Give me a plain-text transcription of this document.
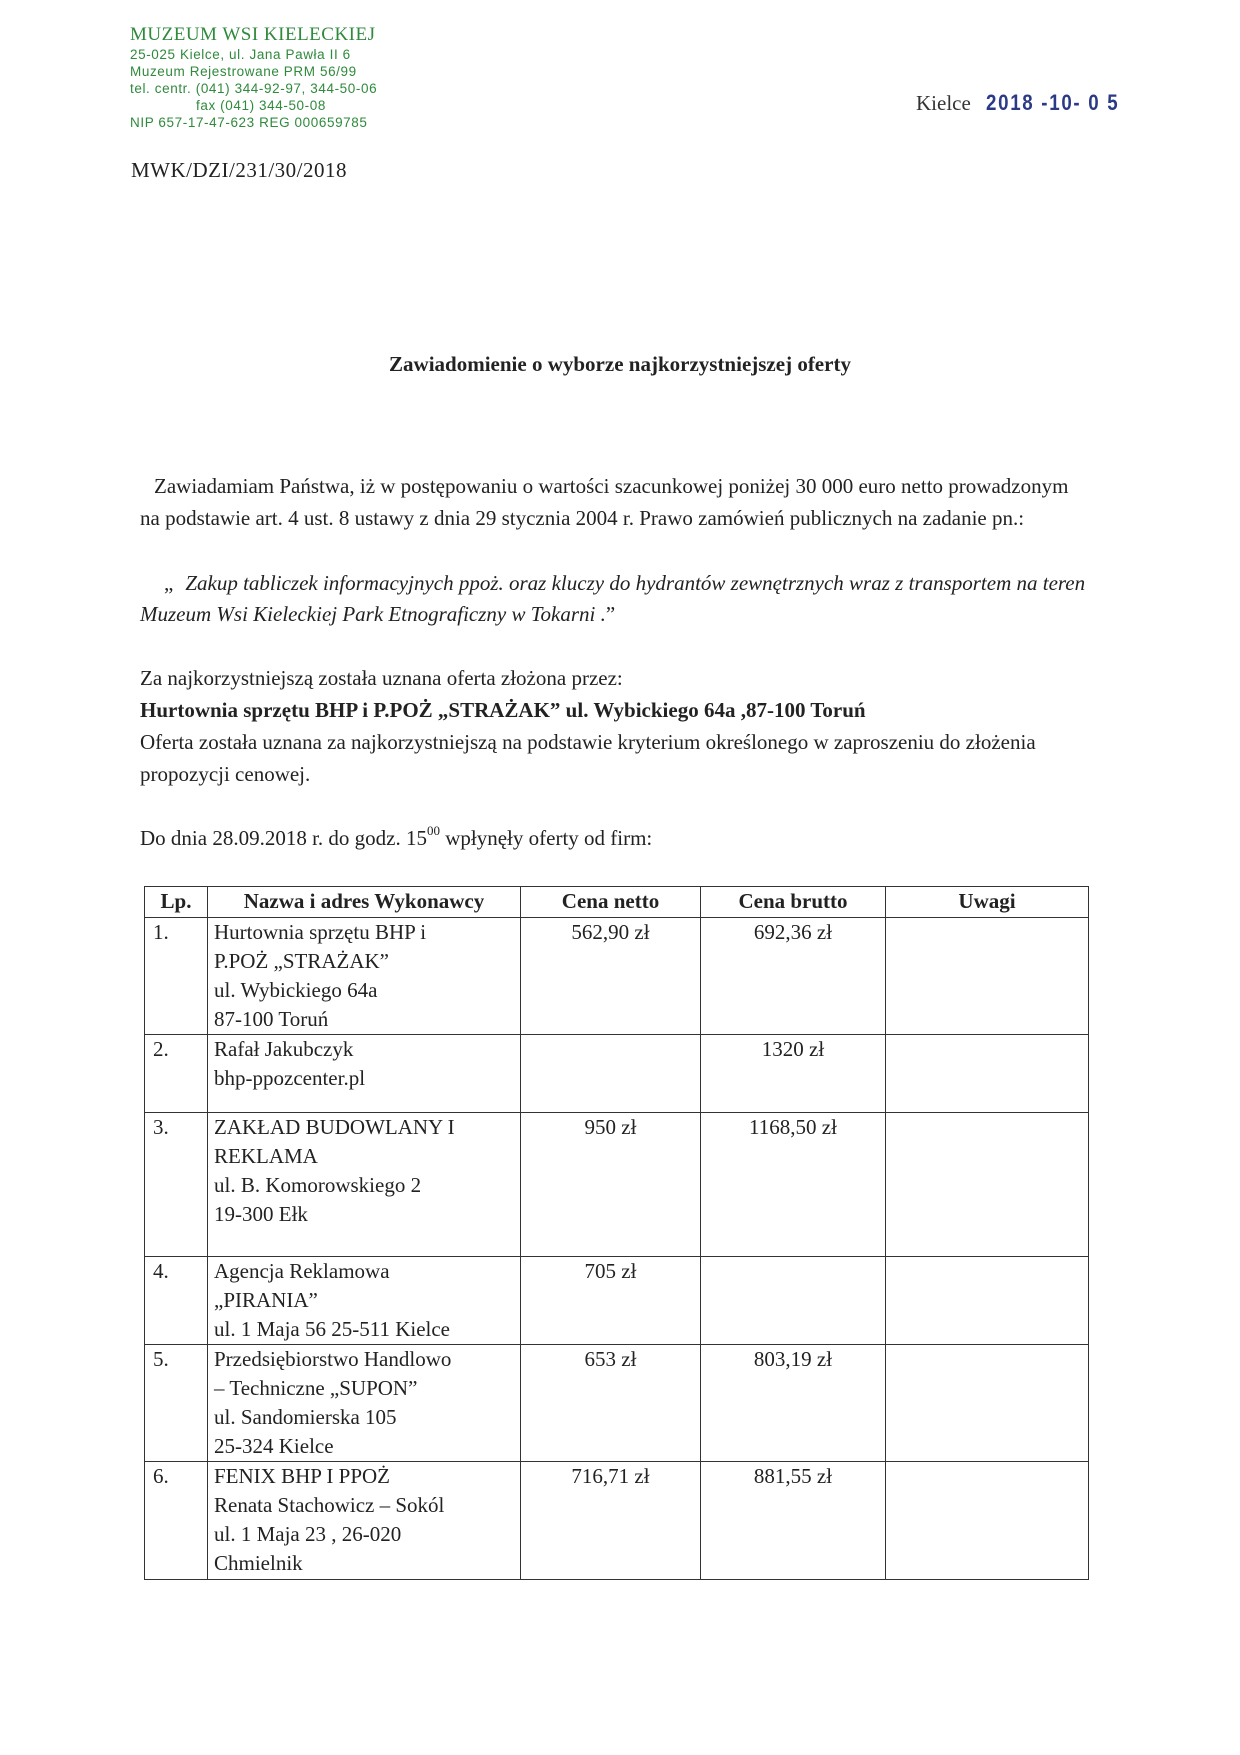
MUZEUM WSI KIELECKIEJ
25-025 Kielce, ul. Jana Pawła II 6
Muzeum Rejestrowane PRM 56/99
tel. centr. (041) 344-92-97, 344-50-06
fax (041) 344-50-08
NIP 657-17-47-623 REG 000659785
MWK/DZI/231/30/2018
Kielce 2018 -10- 0 5
Zawiadomienie o wyborze najkorzystniejszej oferty
Zawiadamiam Państwa, iż w postępowaniu o wartości szacunkowej poniżej 30 000 euro netto prowadzonym na podstawie art. 4 ust. 8 ustawy z dnia 29 stycznia 2004 r. Prawo zamówień publicznych na zadanie pn.:
„ Zakup tabliczek informacyjnych ppoż. oraz kluczy do hydrantów zewnętrznych wraz z transportem na teren Muzeum Wsi Kieleckiej Park Etnograficzny w Tokarni .”
Za najkorzystniejszą została uznana oferta złożona przez:
Hurtownia sprzętu BHP i P.POŻ „STRAŻAK” ul. Wybickiego 64a ,87-100 Toruń
Oferta została uznana za najkorzystniejszą na podstawie kryterium określonego w zaproszeniu do złożenia propozycji cenowej.
Do dnia 28.09.2018 r. do godz. $15^{00}$ wpłynęły oferty od firm:
Lp.	Nazwa i adres Wykonawcy	Cena netto	Cena brutto	Uwagi
1.	Hurtownia sprzętu BHP i
P.POŻ „STRAŻAK”
ul. Wybickiego 64a
87-100 Toruń	562,90 zł	692,36 zł	
2.	Rafał Jakubczyk
bhp-ppozcenter.pl		1320 zł	
3.	ZAKŁAD BUDOWLANY I
REKLAMA
ul. B. Komorowskiego 2
19-300 Ełk	950 zł	1168,50 zł	
4.	Agencja Reklamowa
„PIRANIA”
ul. 1 Maja 56 25-511 Kielce	705 zł		
5.	Przedsiębiorstwo Handlowo
– Techniczne „SUPON”
ul. Sandomierska 105
25-324 Kielce	653 zł	803,19 zł	
6.	FENIX BHP I PPOŻ
Renata Stachowicz – Sokól
ul. 1 Maja 23 , 26-020
Chmielnik	716,71 zł	881,55 zł	
